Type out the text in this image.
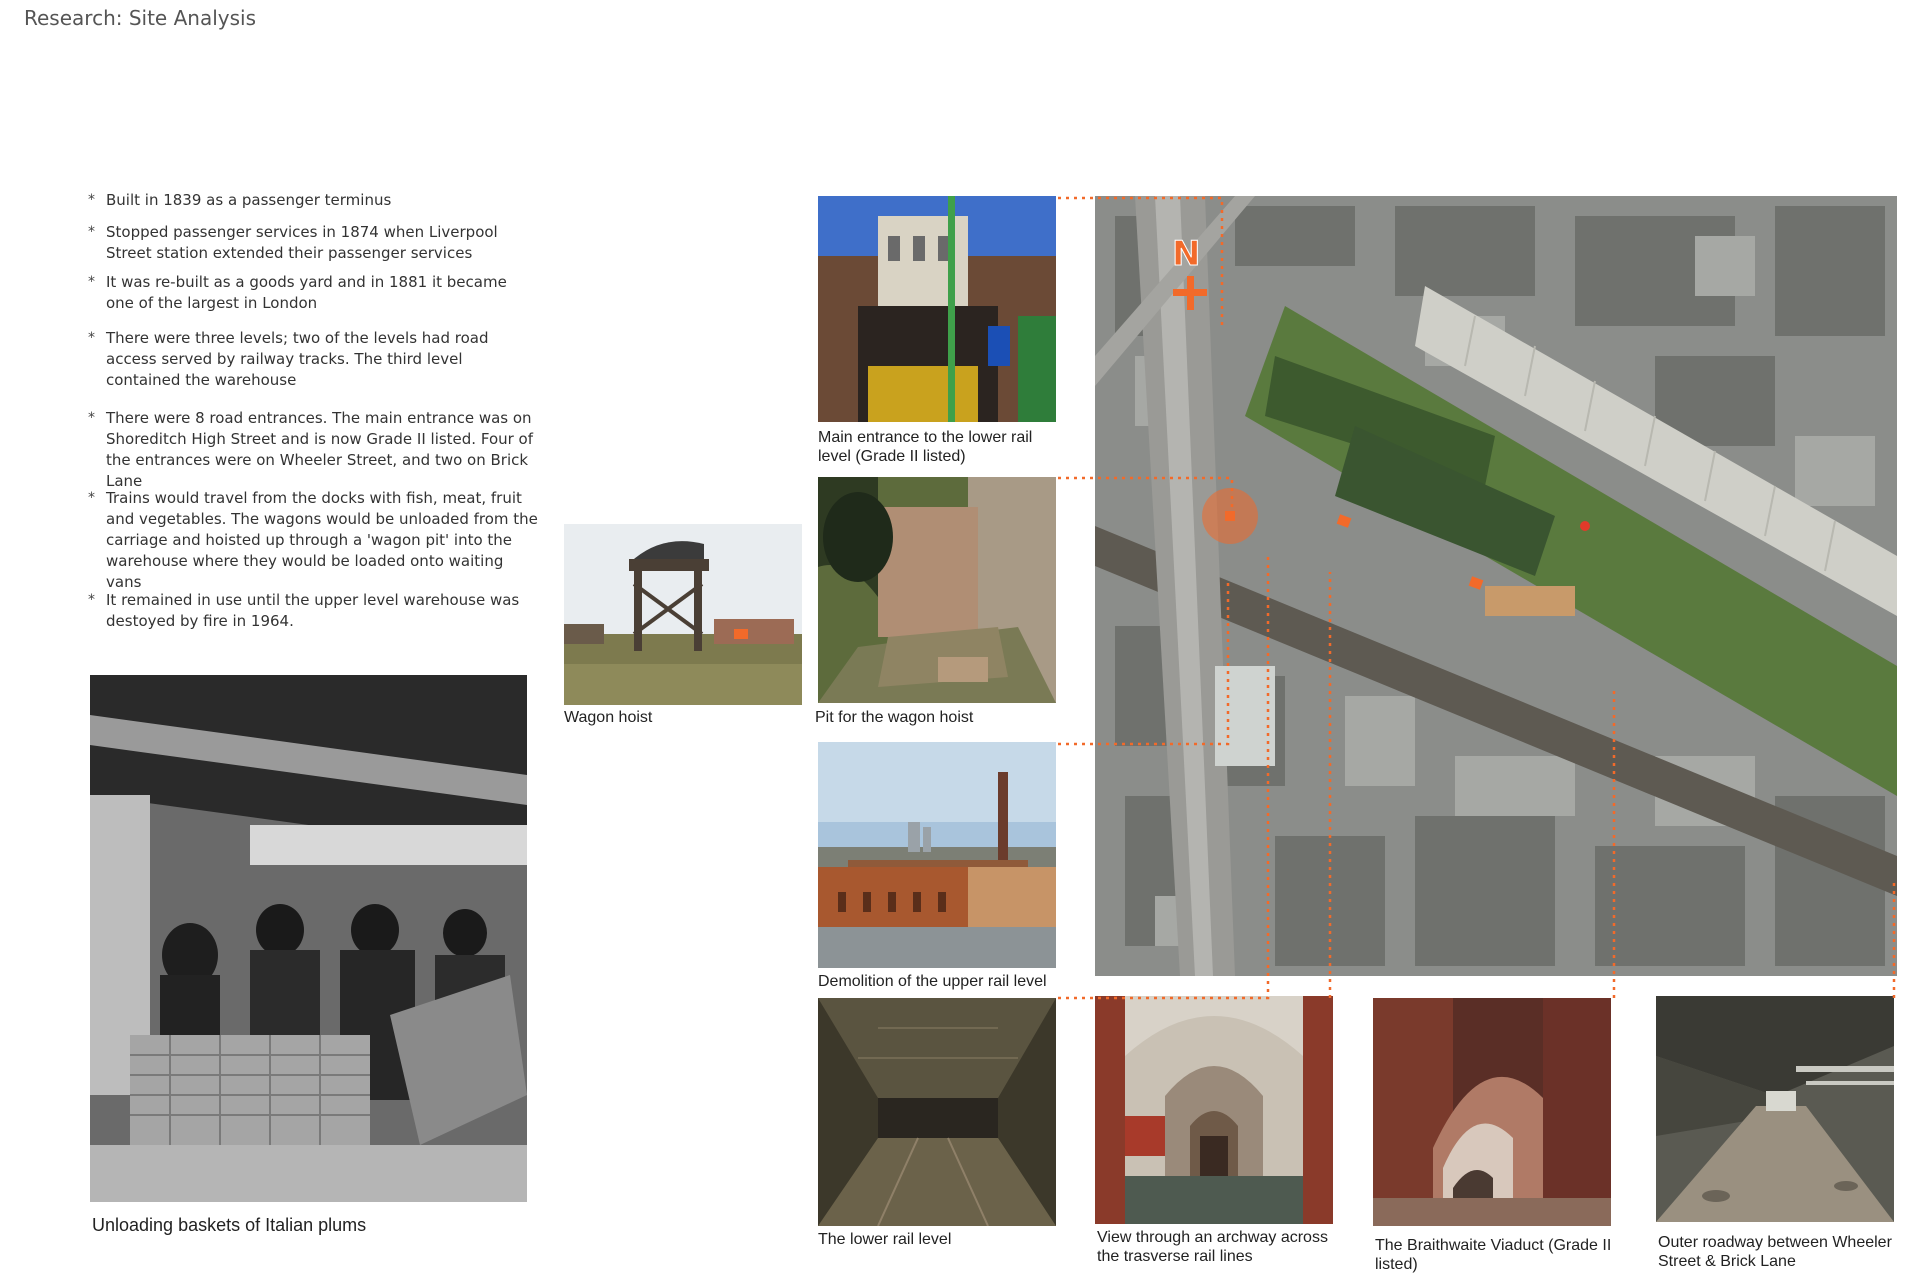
Research: Site Analysis
* Built in 1839 as a passenger terminus
* Stopped passenger services in 1874 when Liverpool Street station extended their passenger services
* It was re-built as a goods yard and in 1881 it became one of the largest in London
* There were three levels; two of the levels had road access served by railway tracks. The third level contained the warehouse
* There were 8 road entrances. The main entrance was on Shoreditch High Street and is now Grade II listed. Four of the entrances were on Wheeler Street, and two on Brick Lane
* Trains would travel from the docks with fish, meat, fruit and vegetables. The wagons would be unloaded from the carriage and hoisted up through a 'wagon pit' into the warehouse where they would be loaded onto waiting vans
* It remained in use until the upper level warehouse was destoyed by fire in 1964.
Unloading baskets of Italian plums
Wagon hoist
Main entrance to the lower rail level (Grade II listed)
Pit for the wagon hoist
Demolition of the upper rail level
The lower rail level	View through an archway across the trasverse rail lines
The Braithwaite Viaduct (Grade II listed)
Outer roadway between Wheeler Street & Brick Lane
N
